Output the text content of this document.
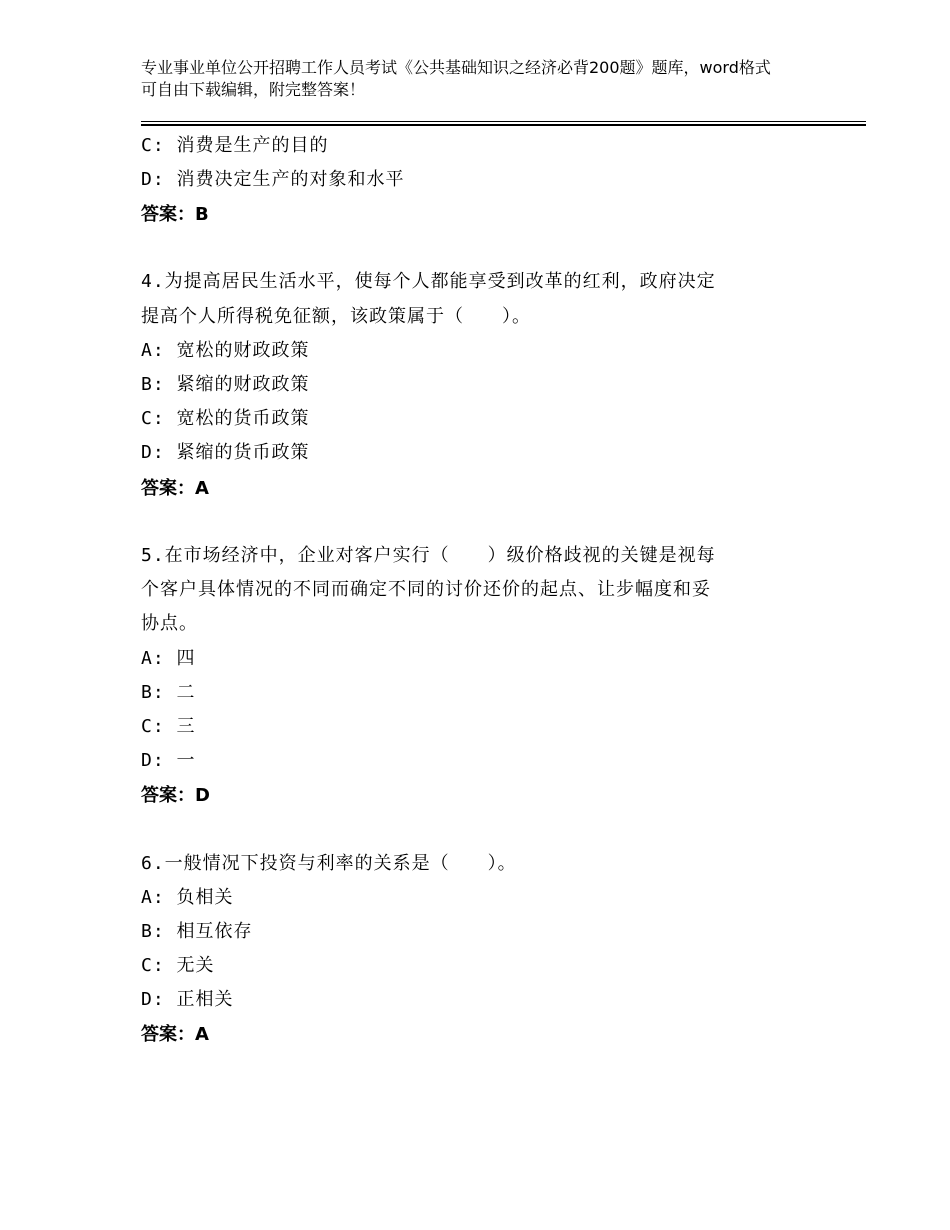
专业事业单位公开招聘工作人员考试《公共基础知识之经济必背200题》题库，word格式可自由下载编辑，附完整答案！
C: 消费是生产的目的
D: 消费决定生产的对象和水平
答案：B
4.为提高居民生活水平，使每个人都能享受到改革的红利，政府决定
提高个人所得税免征额，该政策属于（　　）。
A: 宽松的财政政策
B: 紧缩的财政政策
C: 宽松的货币政策
D: 紧缩的货币政策
答案：A
5.在市场经济中，企业对客户实行（　　）级价格歧视的关键是视每
个客户具体情况的不同而确定不同的讨价还价的起点、让步幅度和妥
协点。
A: 四
B: 二
C: 三
D: 一
答案：D
6.一般情况下投资与利率的关系是（　　）。
A: 负相关
B: 相互依存
C: 无关
D: 正相关
答案：A
